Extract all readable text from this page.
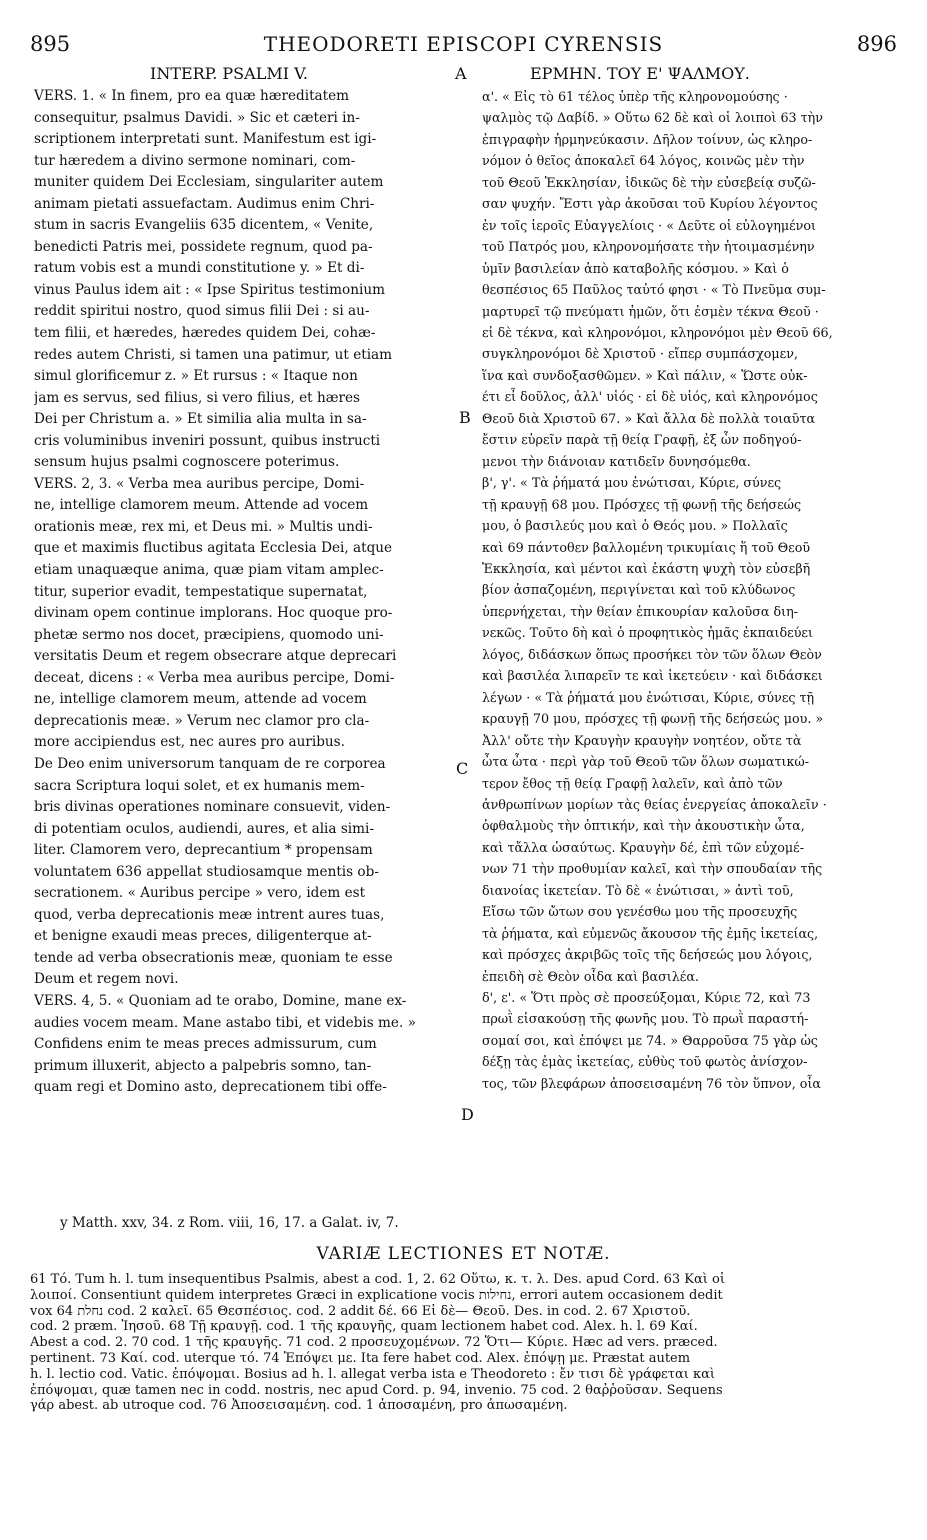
895	THEODORETI EPISCOPI CYRENSIS	896
INTERP. PSALMI V.	A	ΕΡΜΗΝ. ΤΟΥ Ε' ΨΑΛΜΟΥ.
B
C
D

VERS. 1. « In finem, pro ea quæ hæreditatem

consequitur, psalmus Davidi. » Sic et cæteri in-

scriptionem interpretati sunt. Manifestum est igi-

tur hæredem a divino sermone nominari, com-

muniter quidem Dei Ecclesiam, singulariter autem

animam pietati assuefactam. Audimus enim Chri-

stum in sacris Evangeliis 635 dicentem, « Venite,

benedicti Patris mei, possidete regnum, quod pa-

ratum vobis est a mundi constitutione y. » Et di-

vinus Paulus idem ait : « Ipse Spiritus testimonium

reddit spiritui nostro, quod simus filii Dei : si au-

tem filii, et hæredes, hæredes quidem Dei, cohæ-

redes autem Christi, si tamen una patimur, ut etiam

simul glorificemur z. » Et rursus : « Itaque non

jam es servus, sed filius, si vero filius, et hæres

Dei per Christum a. » Et similia alia multa in sa-

cris voluminibus inveniri possunt, quibus instructi

sensum hujus psalmi cognoscere poterimus.

VERS. 2, 3. « Verba mea auribus percipe, Domi-

ne, intellige clamorem meum. Attende ad vocem

orationis meæ, rex mi, et Deus mi. » Multis undi-

que et maximis fluctibus agitata Ecclesia Dei, atque

etiam unaquæque anima, quæ piam vitam amplec-

titur, superior evadit, tempestatique supernatat,

divinam opem continue implorans. Hoc quoque pro-

phetæ sermo nos docet, præcipiens, quomodo uni-

versitatis Deum et regem obsecrare atque deprecari

deceat, dicens : « Verba mea auribus percipe, Domi-

ne, intellige clamorem meum, attende ad vocem

deprecationis meæ. » Verum nec clamor pro cla-

more accipiendus est, nec aures pro auribus.

De Deo enim universorum tanquam de re corporea

sacra Scriptura loqui solet, et ex humanis mem-

bris divinas operationes nominare consuevit, viden-

di potentiam oculos, audiendi, aures, et alia simi-

liter. Clamorem vero, deprecantium * propensam

voluntatem 636 appellat studiosamque mentis ob-

secrationem. « Auribus percipe » vero, idem est

quod, verba deprecationis meæ intrent aures tuas,

et benigne exaudi meas preces, diligenterque at-

tende ad verba obsecrationis meæ, quoniam te esse

Deum et regem novi.

VERS. 4, 5. « Quoniam ad te orabo, Domine, mane ex-

audies vocem meam. Mane astabo tibi, et videbis me. »

Confidens enim te meas preces admissurum, cum

primum illuxerit, abjecto a palpebris somno, tan-

quam regi et Domino asto, deprecationem tibi offe-

α'. « Εἰς τὸ 61 τέλος ὑπὲρ τῆς κληρονομούσης ·

ψαλμὸς τῷ Δαβίδ. » Οὕτω 62 δὲ καὶ οἱ λοιποὶ 63 τὴν

ἐπιγραφὴν ἡρμηνεύκασιν. Δῆλον τοίνυν, ὡς κληρο-

νόμον ὁ θεῖος ἀποκαλεῖ 64 λόγος, κοινῶς μὲν τὴν

τοῦ Θεοῦ Ἐκκλησίαν, ἰδικῶς δὲ τὴν εὐσεβείᾳ συζῶ-

σαν ψυχήν. Ἔστι γὰρ ἀκοῦσαι τοῦ Κυρίου λέγοντος

ἐν τοῖς ἱεροῖς Εὐαγγελίοις · « Δεῦτε οἱ εὐλογημένοι

τοῦ Πατρός μου, κληρονομήσατε τὴν ἡτοιμασμένην

ὑμῖν βασιλείαν ἀπὸ καταβολῆς κόσμου. » Καὶ ὁ

θεσπέσιος 65 Παῦλος ταὐτό φησι · « Τὸ Πνεῦμα συμ-

μαρτυρεῖ τῷ πνεύματι ἡμῶν, ὅτι ἐσμὲν τέκνα Θεοῦ ·

εἰ δὲ τέκνα, καὶ κληρονόμοι, κληρονόμοι μὲν Θεοῦ 66,

συγκληρονόμοι δὲ Χριστοῦ · εἴπερ συμπάσχομεν,

ἵνα καὶ συνδοξασθῶμεν. » Καὶ πάλιν, « Ὥστε οὐκ-

έτι εἶ δοῦλος, ἀλλ' υἱός · εἰ δὲ υἱός, καὶ κληρονόμος

Θεοῦ διὰ Χριστοῦ 67. » Καὶ ἄλλα δὲ πολλὰ τοιαῦτα

ἔστιν εὑρεῖν παρὰ τῇ θείᾳ Γραφῇ, ἐξ ὧν ποδηγού-

μενοι τὴν διάνοιαν κατιδεῖν δυνησόμεθα.

β', γ'. « Τὰ ῥήματά μου ἐνώτισαι, Κύριε, σύνες

τῇ κραυγῇ 68 μου. Πρόσχες τῇ φωνῇ τῆς δεήσεώς

μου, ὁ βασιλεύς μου καὶ ὁ Θεός μου. » Πολλαῖς

καὶ 69 πάντοθεν βαλλομένη τρικυμίαις ἥ τοῦ Θεοῦ

Ἐκκλησία, καὶ μέντοι καὶ ἑκάστη ψυχὴ τὸν εὐσεβῆ

βίον ἀσπαζομένη, περιγίνεται καὶ τοῦ κλύδωνος

ὑπερνήχεται, τὴν θείαν ἐπικουρίαν καλοῦσα διη-

νεκῶς. Τοῦτο δὴ καὶ ὁ προφητικὸς ἡμᾶς ἐκπαιδεύει

λόγος, διδάσκων ὅπως προσήκει τὸν τῶν ὅλων Θεὸν

καὶ βασιλέα λιπαρεῖν τε καὶ ἱκετεύειν · καὶ διδάσκει

λέγων · « Τὰ ῥήματά μου ἐνώτισαι, Κύριε, σύνες τῇ

κραυγῇ 70 μου, πρόσχες τῇ φωνῇ τῆς δεήσεώς μου. »

Ἀλλ' οὔτε τὴν Κραυγὴν κραυγὴν νοητέον, οὔτε τὰ

ὦτα ὦτα · περὶ γὰρ τοῦ Θεοῦ τῶν ὅλων σωματικώ-

τερον ἔθος τῇ θείᾳ Γραφῇ λαλεῖν, καὶ ἀπὸ τῶν

ἀνθρωπίνων μορίων τὰς θείας ἐνεργείας ἀποκαλεῖν ·

ὀφθαλμοὺς τὴν ὀπτικήν, καὶ τὴν ἀκουστικὴν ὦτα,

καὶ τἄλλα ὡσαύτως. Κραυγὴν δέ, ἐπὶ τῶν εὐχομέ-

νων 71 τὴν προθυμίαν καλεῖ, καὶ τὴν σπουδαίαν τῆς

διανοίας ἱκετείαν. Τὸ δὲ « ἐνώτισαι, » ἀντὶ τοῦ,

Εἴσω τῶν ὤτων σου γενέσθω μου τῆς προσευχῆς

τὰ ῥήματα, καὶ εὐμενῶς ἄκουσον τῆς ἐμῆς ἱκετείας,

καὶ πρόσχες ἀκριβῶς τοῖς τῆς δεήσεώς μου λόγοις,

ἐπειδὴ σὲ Θεὸν οἶδα καὶ βασιλέα.

δ', ε'. « Ὅτι πρὸς σὲ προσεύξομαι, Κύριε 72, καὶ 73

πρωῒ εἰσακούσῃ τῆς φωνῆς μου. Τὸ πρωῒ παραστή-

σομαί σοι, καὶ ἐπόψει με 74. » Θαρροῦσα 75 γὰρ ὡς

δέξῃ τὰς ἐμὰς ἱκετείας, εὐθὺς τοῦ φωτὸς ἀνίσχον-

τος, τῶν βλεφάρων ἀποσεισαμένη 76 τὸν ὕπνον, οἷα

y Matth. xxv, 34. z Rom. viii, 16, 17. a Galat. iv, 7.
VARIÆ LECTIONES ET NOTÆ.

61 Τό. Tum h. l. tum insequentibus Psalmis, abest a cod. 1, 2. 62 Οὕτω, κ. τ. λ. Des. apud Cord. 63 Καὶ οἱ

λοιποί. Consentiunt quidem interpretes Græci in explicatione vocis נחילות, errori autem occasionem dedit

vox נחלת 64 cod. 2 καλεῖ. 65 Θεσπέσιος. cod. 2 addit δέ. 66 Εἰ δὲ— Θεοῦ. Des. in cod. 2. 67 Χριστοῦ.

cod. 2 præm. Ἰησοῦ. 68 Τῇ κραυγῇ. cod. 1 τῆς κραυγῆς, quam lectionem habet cod. Alex. h. l. 69 Καί.

Abest a cod. 2. 70 cod. 1 τῆς κραυγῆς. 71 cod. 2 προσευχομένων. 72 Ὅτι— Κύριε. Hæc ad vers. præced.

pertinent. 73 Καί. cod. uterque τό. 74 Ἐπόψει με. Ita fere habet cod. Alex. ἐπόψῃ με. Præstat autem

h. l. lectio cod. Vatic. ἐπόψομαι. Bosius ad h. l. allegat verba ista e Theodoreto : ἔν τισι δὲ γράφεται καὶ

ἐπόψομαι, quæ tamen nec in codd. nostris, nec apud Cord. p. 94, invenio. 75 cod. 2 θαῤῥοῦσαν. Sequens

γάρ abest. ab utroque cod. 76 Ἀποσεισαμένη. cod. 1 ἀποσαμένη, pro ἀπωσαμένη.
